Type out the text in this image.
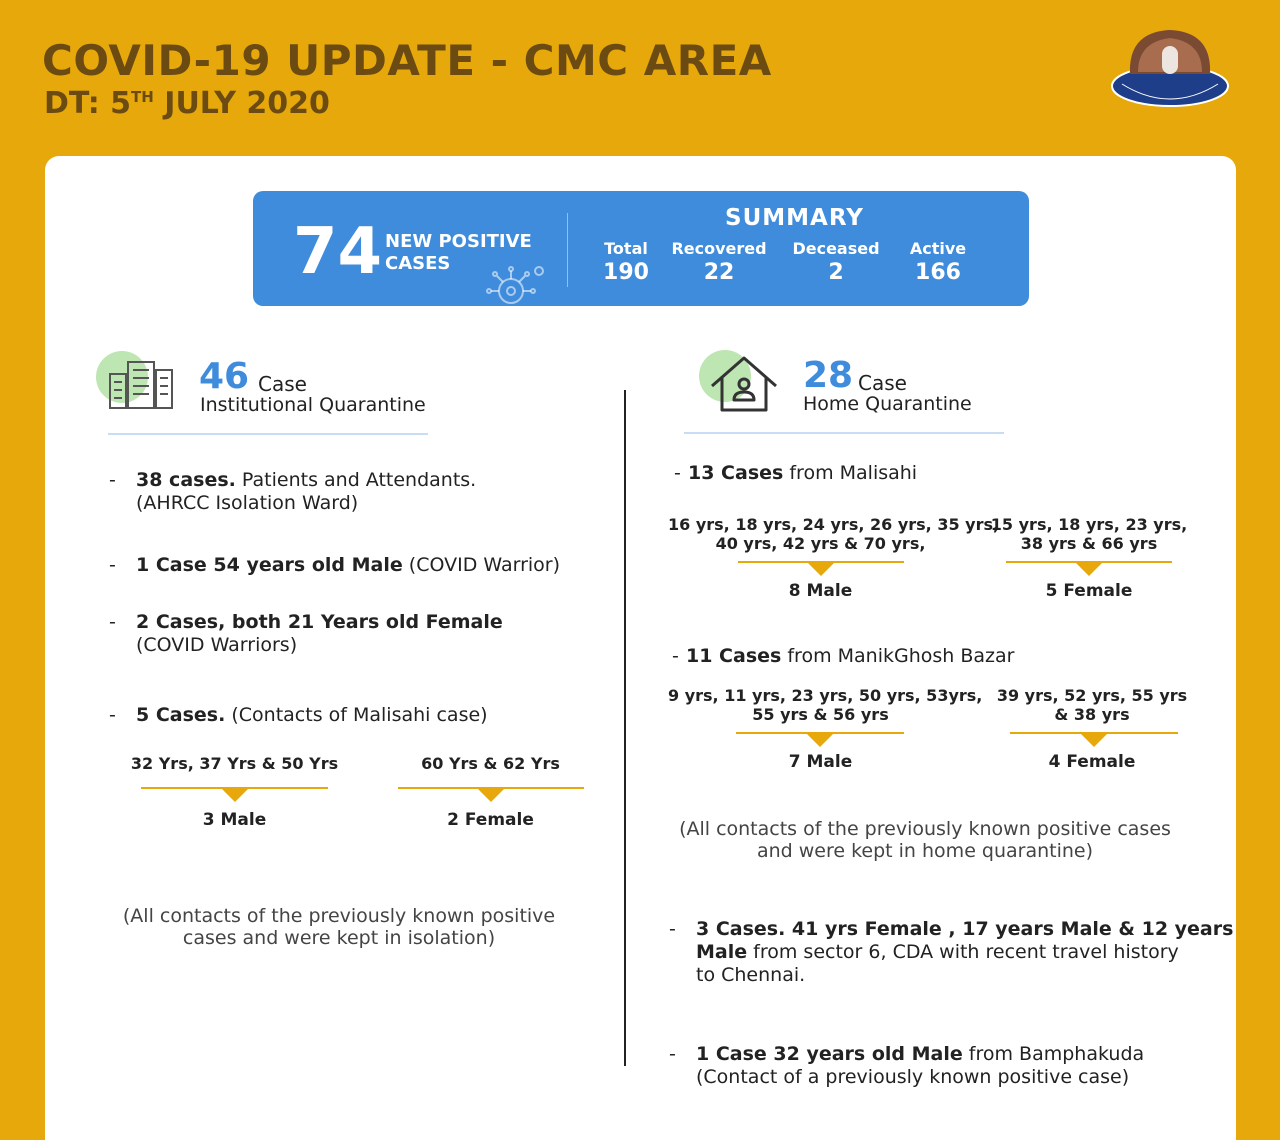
COVID-19 UPDATE - CMC AREA
DT: 5TH JULY 2020
74 NEW POSITIVE
CASES
SUMMARY
Total
190
Recovered
22
Deceased
2
Active
166
46 Case
Institutional Quarantine
- 38 cases. Patients and Attendants.
(AHRCC Isolation Ward)
- 1 Case 54 years old Male (COVID Warrior)
- 2 Cases, both 21 Years old Female
(COVID Warriors)
- 5 Cases. (Contacts of Malisahi case)
32 Yrs, 37 Yrs & 50 Yrs
3 Male
60 Yrs & 62 Yrs
2 Female
(All contacts of the previously known positive
cases and were kept in isolation)
28 Case
Home Quarantine
- 13 Cases from Malisahi
16 yrs, 18 yrs, 24 yrs, 26 yrs, 35 yrs,
40 yrs, 42 yrs & 70 yrs,
8 Male
15 yrs, 18 yrs, 23 yrs,
38 yrs & 66 yrs
5 Female
- 11 Cases from ManikGhosh Bazar
9 yrs, 11 yrs, 23 yrs, 50 yrs, 53yrs,
55 yrs & 56 yrs
7 Male
39 yrs, 52 yrs, 55 yrs
& 38 yrs
4 Female
(All contacts of the previously known positive cases
and were kept in home quarantine)
- 3 Cases. 41 yrs Female , 17 years Male & 12 years
Male from sector 6, CDA with recent travel history
to Chennai.
- 1 Case 32 years old Male from Bamphakuda
(Contact of a previously known positive case)
